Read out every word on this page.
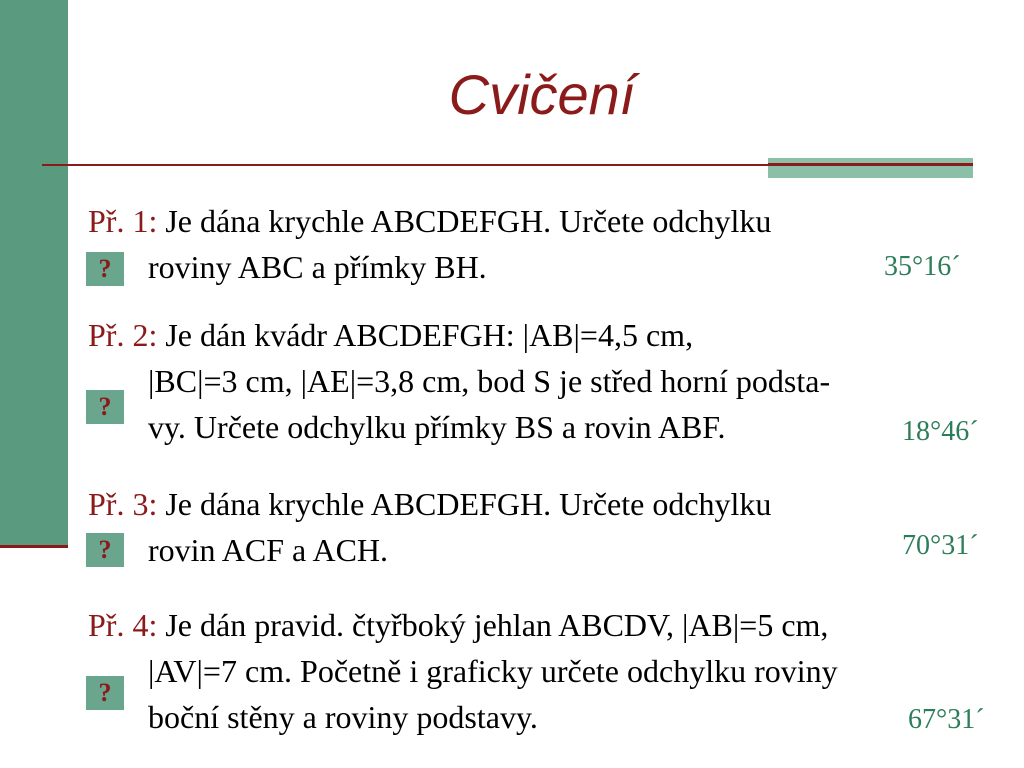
Cvičení
Př. 1: Je dána krychle ABCDEFGH. Určete odchylku
roviny ABC a přímky BH.
?	35°16´
Př. 2: Je dán kvádr ABCDEFGH: |AB|=4,5 cm,
|BC|=3 cm, |AE|=3,8 cm, bod S je střed horní podsta-
vy. Určete odchylku přímky BS a rovin ABF.
?
18°46´
Př. 3: Je dána krychle ABCDEFGH. Určete odchylku
rovin ACF a ACH.
?	70°31´
Př. 4: Je dán pravid. čtyřboký jehlan ABCDV, |AB|=5 cm,
|AV|=7 cm. Početně i graficky určete odchylku roviny
boční stěny a roviny podstavy.
?
67°31´
